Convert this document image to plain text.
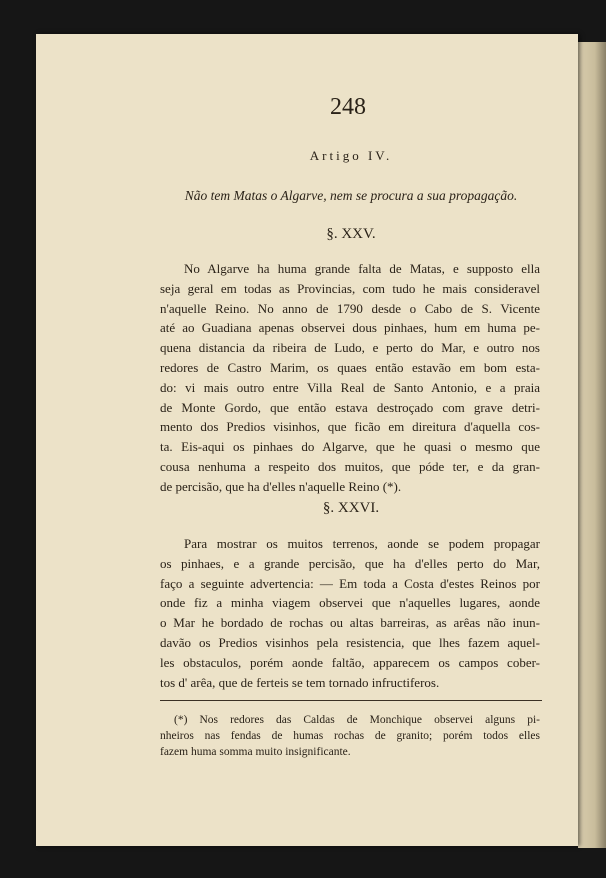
248
Artigo IV.
Não tem Matas o Algarve, nem se procura a sua propagação.
§. XXV.

No Algarve ha huma grande falta de Matas, e supposto ella
seja geral em todas as Provincias, com tudo he mais consideravel
n'aquelle Reino. No anno de 1790 desde o Cabo de S. Vicente
até ao Guadiana apenas observei dous pinhaes, hum em huma pe-
quena distancia da ribeira de Ludo, e perto do Mar, e outro nos
redores de Castro Marim, os quaes então estavão em bom esta-
do: vi mais outro entre Villa Real de Santo Antonio, e a praia
de Monte Gordo, que então estava destroçado com grave detri-
mento dos Predios visinhos, que ficão em direitura d'aquella cos-
ta. Eis-aqui os pinhaes do Algarve, que he quasi o mesmo que
cousa nenhuma a respeito dos muitos, que póde ter, e da gran-
de percisão, que ha d'elles n'aquelle Reino (*).

§. XXVI.

Para mostrar os muitos terrenos, aonde se podem propagar
os pinhaes, e a grande percisão, que ha d'elles perto do Mar,
faço a seguinte advertencia: — Em toda a Costa d'estes Reinos por
onde fiz a minha viagem observei que n'aquelles lugares, aonde
o Mar he bordado de rochas ou altas barreiras, as arêas não inun-
davão os Predios visinhos pela resistencia, que lhes fazem aquel-
les obstaculos, porém aonde faltão, apparecem os campos cober-
tos d' arêa, que de ferteis se tem tornado infructiferos.

(*) Nos redores das Caldas de Monchique observei alguns pi-
nheiros nas fendas de humas rochas de granito; porém todos elles
fazem huma somma muito insignificante.
